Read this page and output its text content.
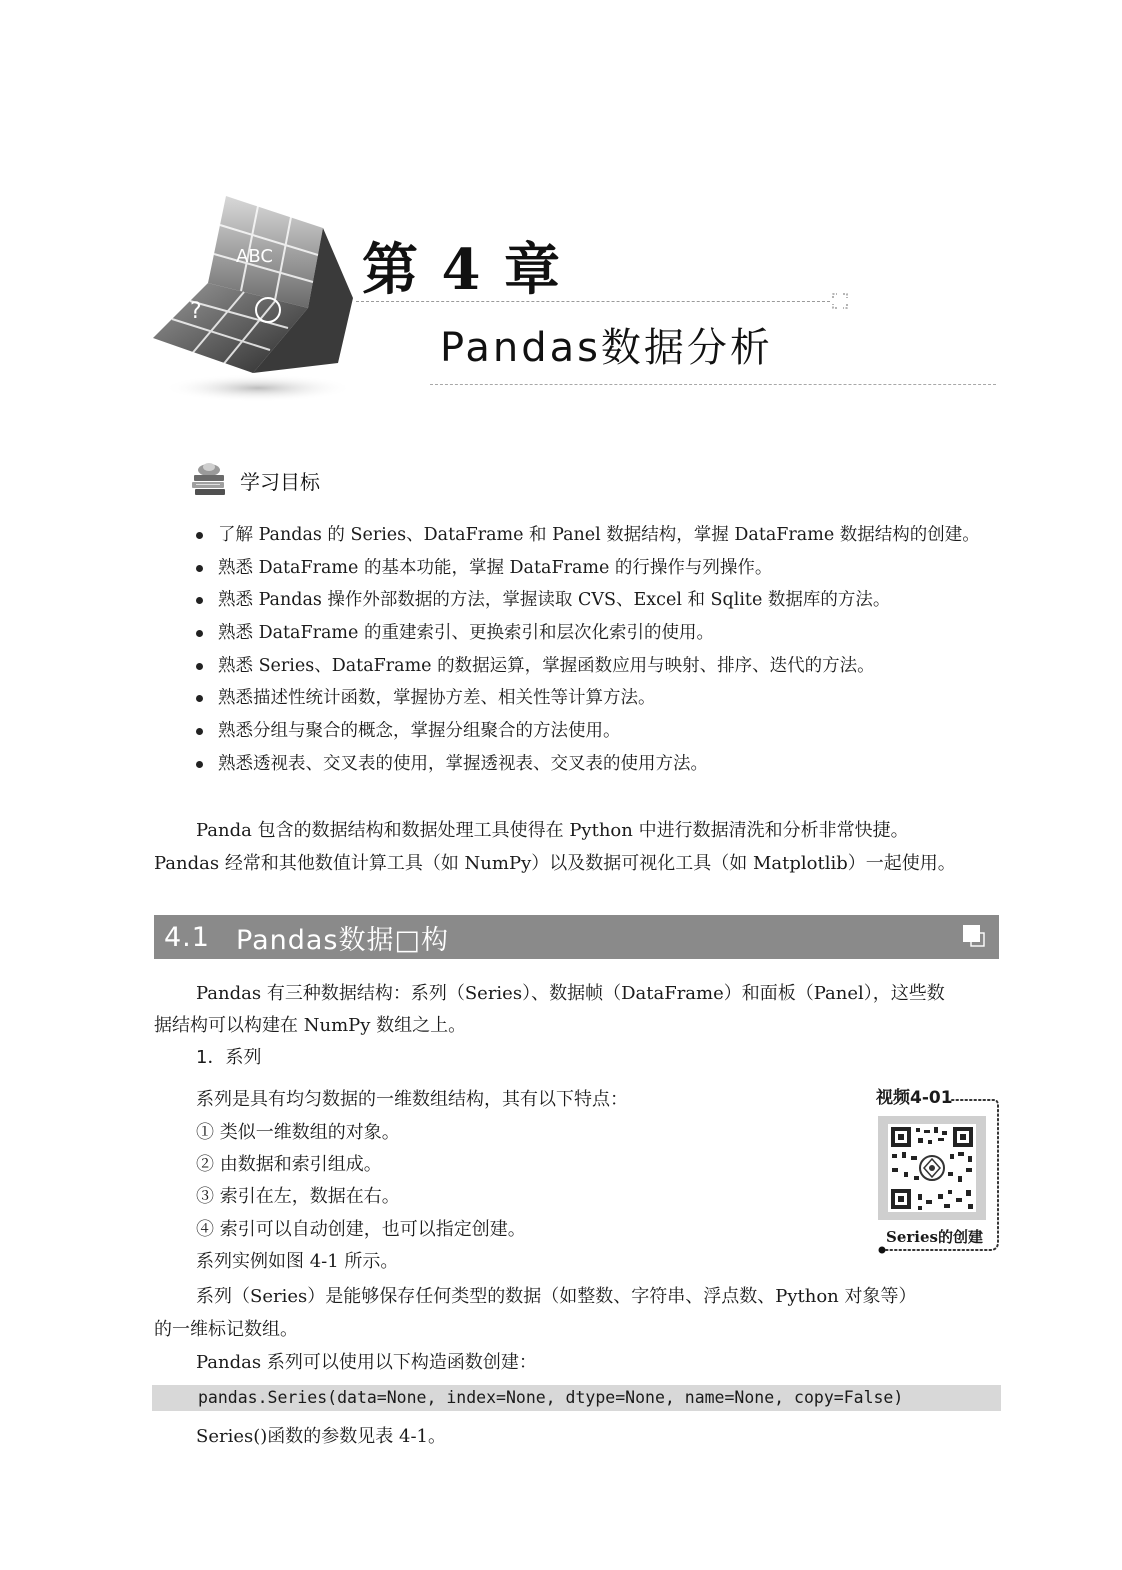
ABC
?
第 4 章
Pandas数据分析
学习目标
了解 Pandas 的 Series、DataFrame 和 Panel 数据结构，掌握 DataFrame 数据结构的创建。
熟悉 DataFrame 的基本功能，掌握 DataFrame 的行操作与列操作。
熟悉 Pandas 操作外部数据的方法，掌握读取 CVS、Excel 和 Sqlite 数据库的方法。
熟悉 DataFrame 的重建索引、更换索引和层次化索引的使用。
熟悉 Series、DataFrame 的数据运算，掌握函数应用与映射、排序、迭代的方法。
熟悉描述性统计函数，掌握协方差、相关性等计算方法。
熟悉分组与聚合的概念，掌握分组聚合的方法使用。
熟悉透视表、交叉表的使用，掌握透视表、交叉表的使用方法。
Panda 包含的数据结构和数据处理工具使得在 Python 中进行数据清洗和分析非常快捷。
Pandas 经常和其他数值计算工具（如 NumPy）以及数据可视化工具（如 Matplotlib）一起使用。
4.1 Pandas数据□构
Pandas 有三种数据结构：系列（Series）、数据帧（DataFrame）和面板（Panel），这些数
据结构可以构建在 NumPy 数组之上。
1．系列
系列是具有均匀数据的一维数组结构，其有以下特点：
① 类似一维数组的对象。
② 由数据和索引组成。
③ 索引在左，数据在右。
④ 索引可以自动创建，也可以指定创建。
系列实例如图 4-1 所示。
系列（Series）是能够保存任何类型的数据（如整数、字符串、浮点数、Python 对象等）
的一维标记数组。
Pandas 系列可以使用以下构造函数创建：
pandas.Series(data=None, index=None, dtype=None, name=None, copy=False)
Series()函数的参数见表 4-1。
视频4-01
Series的创建
